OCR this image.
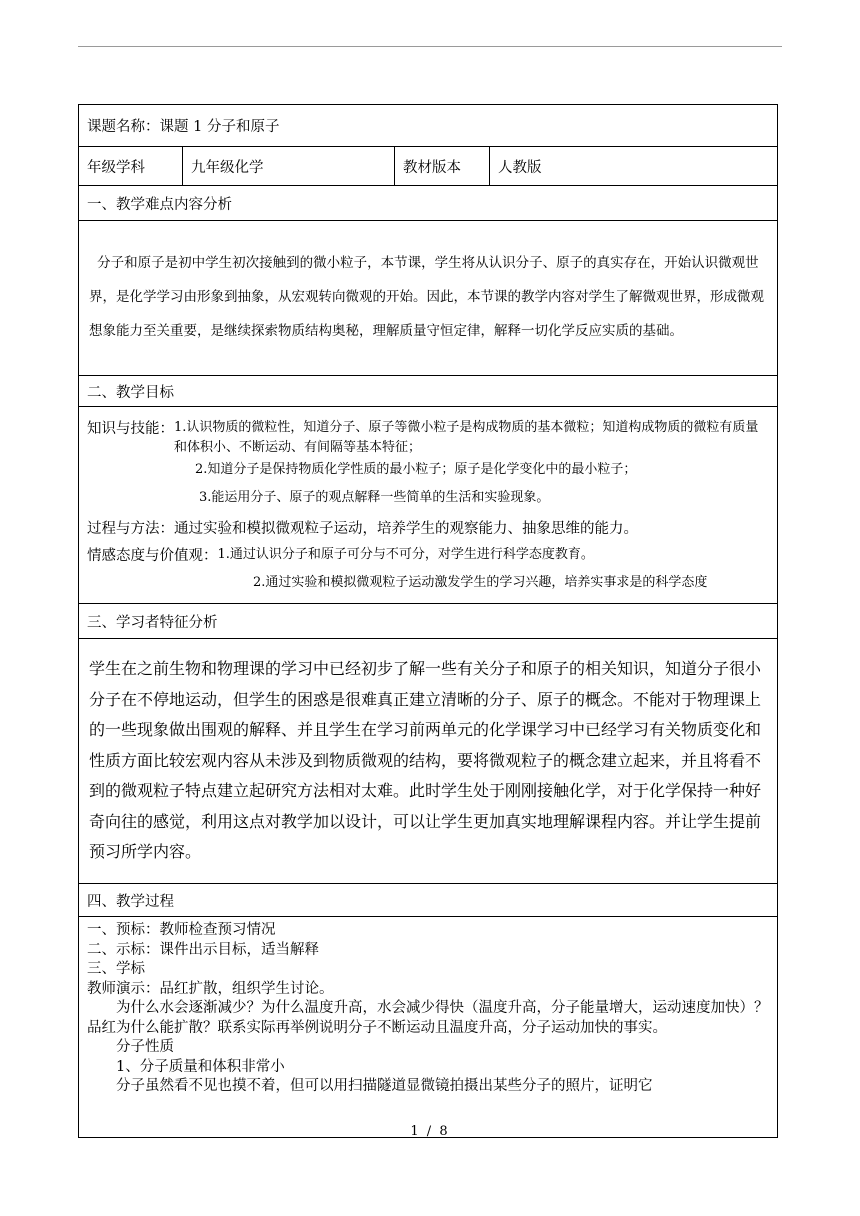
课题名称：课题 1 分子和原子
年级学科	九年级化学	教材版本	人教版
一、教学难点内容分析
分子和原子是初中学生初次接触到的微小粒子，本节课，学生将从认识分子、原子的真实存在，开始认识微观世界，是化学学习由形象到抽象，从宏观转向微观的开始。因此，本节课的教学内容对学生了解微观世界，形成微观想象能力至关重要，是继续探索物质结构奥秘，理解质量守恒定律，解释一切化学反应实质的基础。
二、教学目标

知识与技能： 1.认识物质的微粒性，知道分子、原子等微小粒子是构成物质的基本微粒；知道构成物质的微粒有质量和体积小、不断运动、有间隔等基本特征；
2.知道分子是保持物质化学性质的最小粒子；原子是化学变化中的最小粒子；
3.能运用分子、原子的观点解释一些简单的生活和实验现象。
过程与方法：通过实验和模拟微观粒子运动，培养学生的观察能力、抽象思维的能力。
情感态度与价值观： 1.通过认识分子和原子可分与不可分，对学生进行科学态度教育。
2.通过实验和模拟微观粒子运动激发学生的学习兴趣，培养实事求是的科学态度

三、学习者特征分析
学生在之前生物和物理课的学习中已经初步了解一些有关分子和原子的相关知识，知道分子很小分子在不停地运动，但学生的困惑是很难真正建立清晰的分子、原子的概念。不能对于物理课上的一些现象做出围观的解释、并且学生在学习前两单元的化学课学习中已经学习有关物质变化和性质方面比较宏观内容从未涉及到物质微观的结构，要将微观粒子的概念建立起来，并且将看不到的微观粒子特点建立起研究方法相对太难。此时学生处于刚刚接触化学，对于化学保持一种好奇向往的感觉，利用这点对教学加以设计，可以让学生更加真实地理解课程内容。并让学生提前预习所学内容。
四、教学过程

一、预标：教师检查预习情况
二、示标：课件出示目标，适当解释
三、学标
教师演示：品红扩散，组织学生讨论。
为什么水会逐渐减少？为什么温度升高，水会减少得快（温度升高，分子能量增大，运动速度加快）？品红为什么能扩散？联系实际再举例说明分子不断运动且温度升高，分子运动加快的事实。
分子性质
1、分子质量和体积非常小
分子虽然看不见也摸不着，但可以用扫描隧道显微镜拍摄出某些分子的照片，证明它
1 / 8
